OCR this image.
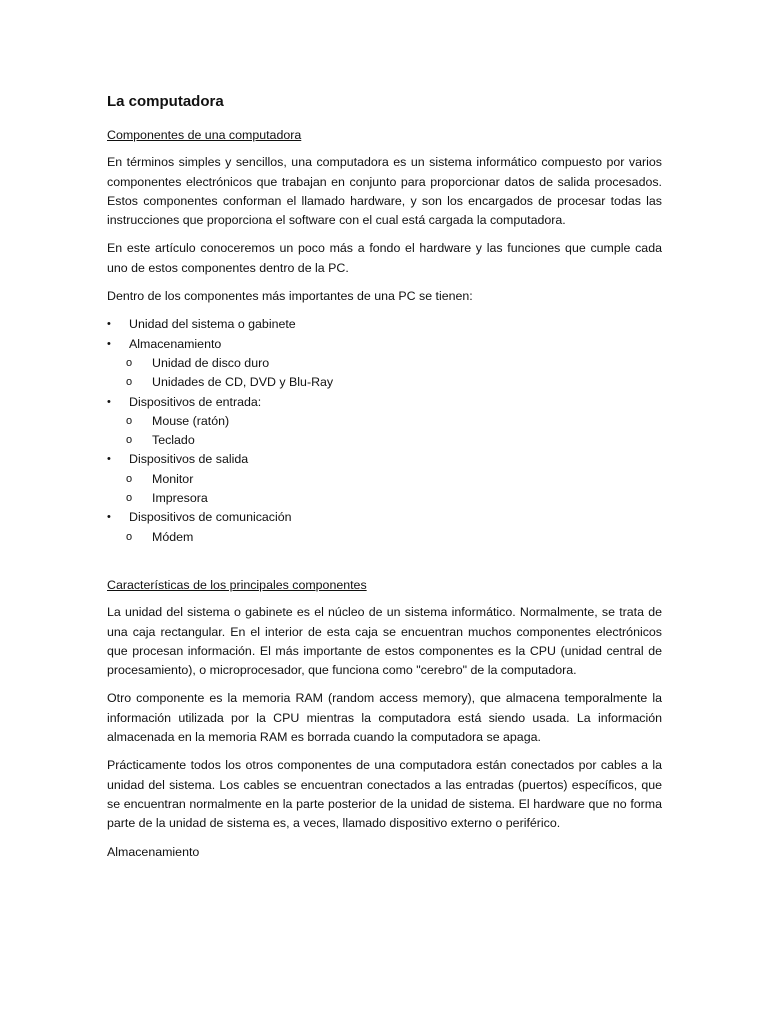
La computadora
Componentes de una computadora

En términos simples y sencillos, una computadora es un sistema informático compuesto por varios componentes electrónicos que trabajan en conjunto para proporcionar datos de salida procesados. Estos componentes conforman el llamado hardware, y son los encargados de procesar todas las instrucciones que proporciona el software con el cual está cargada la computadora.

En este artículo conoceremos un poco más a fondo el hardware y las funciones que cumple cada uno de estos componentes dentro de la PC.

Dentro de los componentes más importantes de una PC se tienen:

•	Unidad del sistema o gabinete
•	Almacenamiento
o	Unidad de disco duro
o	Unidades de CD, DVD y Blu-Ray
•	Dispositivos de entrada:
o	Mouse (ratón)
o	Teclado
•	Dispositivos de salida
o	Monitor
o	Impresora
•	Dispositivos de comunicación
o	Módem
Características de los principales componentes

La unidad del sistema o gabinete es el núcleo de un sistema informático. Normalmente, se trata de una caja rectangular. En el interior de esta caja se encuentran muchos componentes electrónicos que procesan información. El más importante de estos componentes es la CPU (unidad central de procesamiento), o microprocesador, que funciona como "cerebro" de la computadora.

Otro componente es la memoria RAM (random access memory), que almacena temporalmente la información utilizada por la CPU mientras la computadora está siendo usada. La información almacenada en la memoria RAM es borrada cuando la computadora se apaga.

Prácticamente todos los otros componentes de una computadora están conectados por cables a la unidad del sistema. Los cables se encuentran conectados a las entradas (puertos) específicos, que se encuentran normalmente en la parte posterior de la unidad de sistema. El hardware que no forma parte de la unidad de sistema es, a veces, llamado dispositivo externo o periférico.

Almacenamiento
